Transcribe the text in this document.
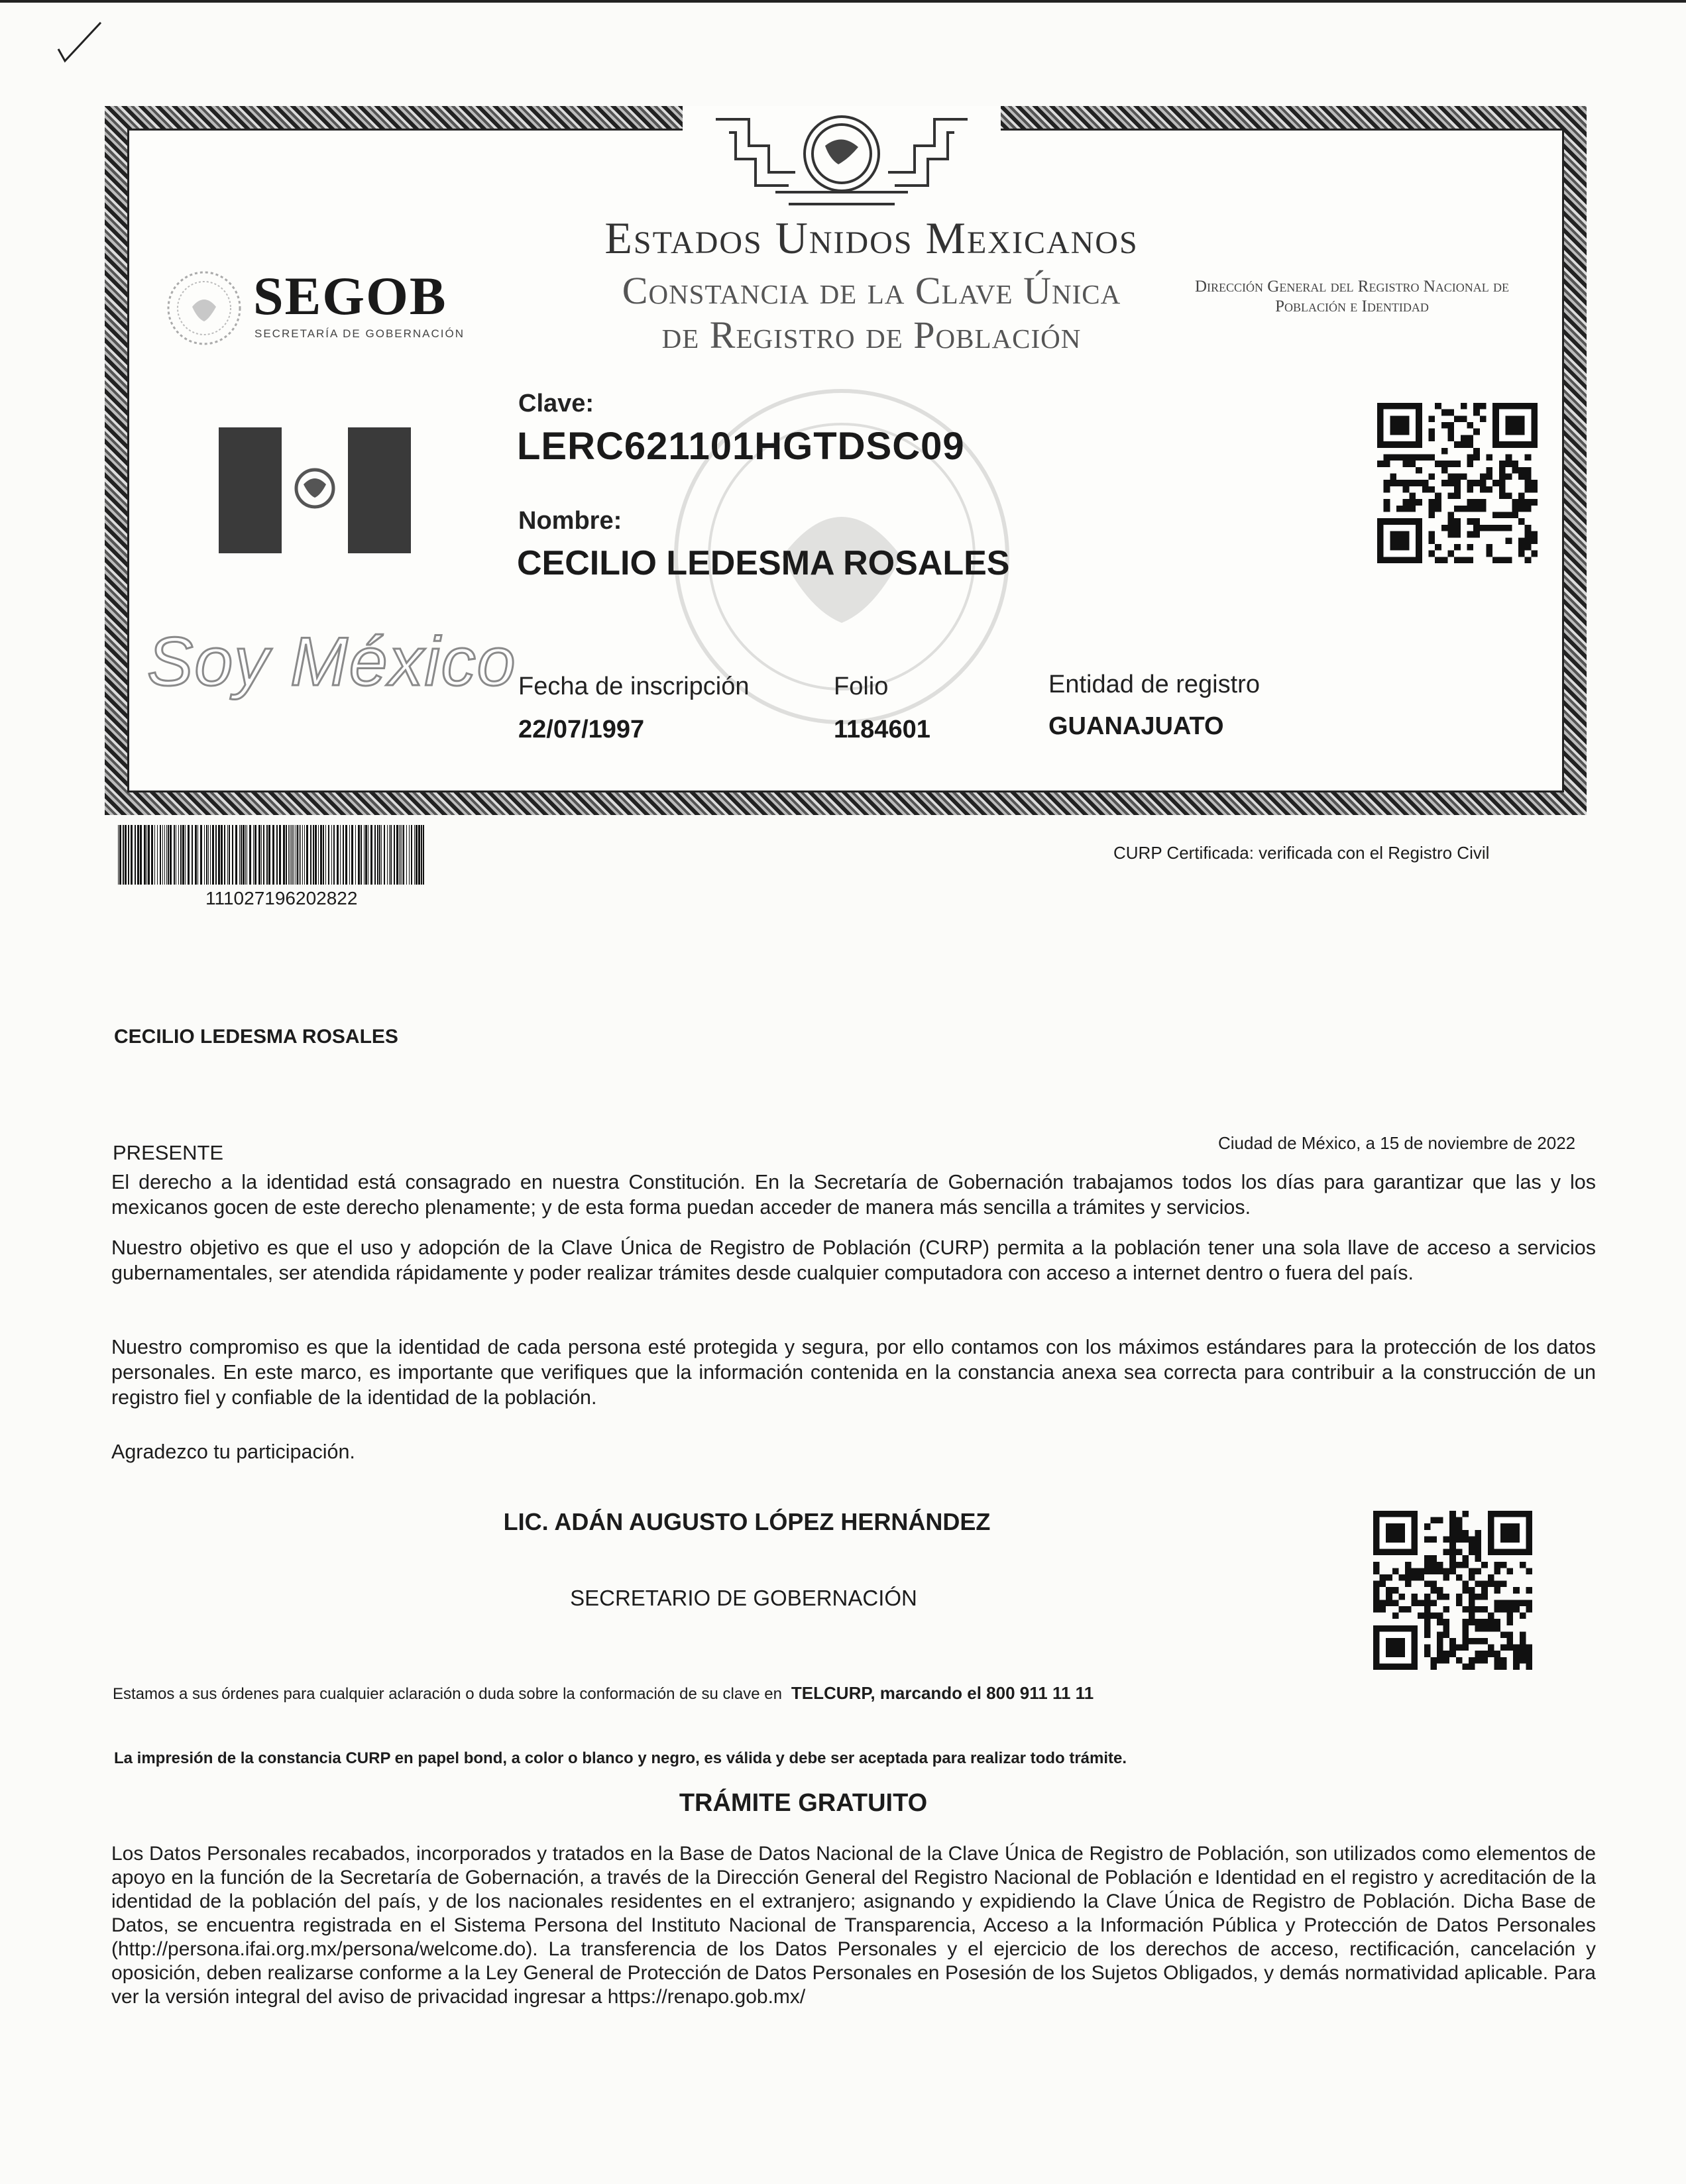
Estados Unidos Mexicanos
Constancia de la Clave Única
de Registro de Población
Dirección General del Registro Nacional de Población e Identidad
SEGOB
SECRETARÍA DE GOBERNACIÓN
Soy México
Clave:
LERC621101HGTDSC09
Nombre:
CECILIO LEDESMA ROSALES
Fecha de inscripción
22/07/1997
Folio
1184601
Entidad de registro
GUANAJUATO
111027196202822
CURP Certificada: verificada con el Registro Civil
CECILIO LEDESMA ROSALES
PRESENTE	Ciudad de México, a 15 de noviembre de 2022
El derecho a la identidad está consagrado en nuestra Constitución. En la Secretaría de Gobernación trabajamos todos los días para garantizar que las y los mexicanos gocen de este derecho plenamente; y de esta forma puedan acceder de manera más sencilla a trámites y servicios.
Nuestro objetivo es que el uso y adopción de la Clave Única de Registro de Población (CURP) permita a la población tener una sola llave de acceso a servicios gubernamentales, ser atendida rápidamente y poder realizar trámites desde cualquier computadora con acceso a internet dentro o fuera del país.
Nuestro compromiso es que la identidad de cada persona esté protegida y segura, por ello contamos con los máximos estándares para la protección de los datos personales. En este marco, es importante que verifiques que la información contenida en la constancia anexa sea correcta para contribuir a la construcción de un registro fiel y confiable de la identidad de la población.
Agradezco tu participación.
LIC. ADÁN AUGUSTO LÓPEZ HERNÁNDEZ
SECRETARIO DE GOBERNACIÓN
Estamos a sus órdenes para cualquier aclaración o duda sobre la conformación de su clave en TELCURP, marcando el 800 911 11 11
La impresión de la constancia CURP en papel bond, a color o blanco y negro, es válida y debe ser aceptada para realizar todo trámite.
TRÁMITE GRATUITO
Los Datos Personales recabados, incorporados y tratados en la Base de Datos Nacional de la Clave Única de Registro de Población, son utilizados como elementos de apoyo en la función de la Secretaría de Gobernación, a través de la Dirección General del Registro Nacional de Población e Identidad en el registro y acreditación de la identidad de la población del país, y de los nacionales residentes en el extranjero; asignando y expidiendo la Clave Única de Registro de Población. Dicha Base de Datos, se encuentra registrada en el Sistema Persona del Instituto Nacional de Transparencia, Acceso a la Información Pública y Protección de Datos Personales (http://persona.ifai.org.mx/persona/welcome.do). La transferencia de los Datos Personales y el ejercicio de los derechos de acceso, rectificación, cancelación y oposición, deben realizarse conforme a la Ley General de Protección de Datos Personales en Posesión de los Sujetos Obligados, y demás normatividad aplicable. Para ver la versión integral del aviso de privacidad ingresar a https://renapo.gob.mx/
